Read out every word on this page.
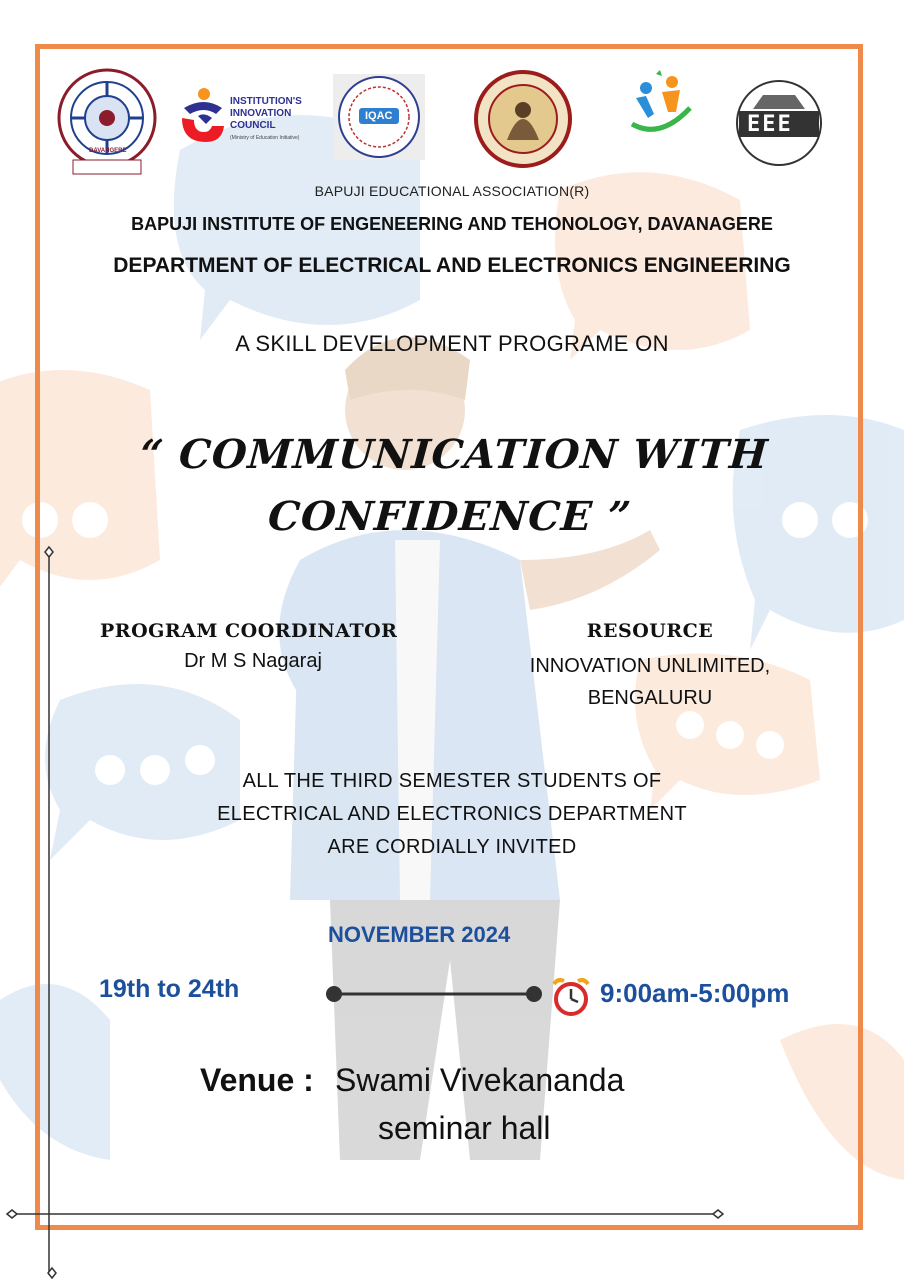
DAVANGERE
INSTITUTION'S
INNOVATION
COUNCIL
(Ministry of Education Initiative)
IQAC	EEE
BAPUJI EDUCATIONAL ASSOCIATION(R)
BAPUJI INSTITUTE OF ENGENEERING AND TEHONOLOGY, DAVANAGERE
DEPARTMENT OF ELECTRICAL AND ELECTRONICS ENGINEERING
A SKILL DEVELOPMENT PROGRAME ON
“ COMMUNICATION WITH
CONFIDENCE ”
PROGRAM COORDINATOR
Dr M S Nagaraj
RESOURCE
INNOVATION UNLIMITED,
BENGALURU
ALL THE THIRD SEMESTER STUDENTS OF
ELECTRICAL AND ELECTRONICS DEPARTMENT
ARE CORDIALLY INVITED
NOVEMBER 2024
19th to 24th	9:00am-5:00pm
Venue : Swami Vivekananda
seminar hall
